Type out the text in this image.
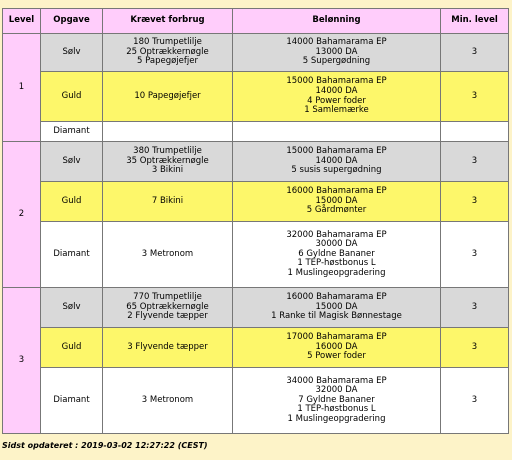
Level	Opgave	Krævet forbrug	Belønning	Min. level
1	Sølv	180 Trumpetlilje
25 Optrækkernøgle
5 Papegøjefjer	14000 Bahamarama EP
13000 DA
5 Supergødning	3
	Guld	10 Papegøjefjer	15000 Bahamarama EP
14000 DA
4 Power foder
1 Samlemærke	3
	Diamant			
2	Sølv	380 Trumpetlilje
35 Optrækkernøgle
3 Bikini	15000 Bahamarama EP
14000 DA
5 susis supergødning	3
	Guld	7 Bikini	16000 Bahamarama EP
15000 DA
5 Gårdmønter	3
	Diamant	3 Metronom	32000 Bahamarama EP
30000 DA
6 Gyldne Bananer
1 TEP-høstbonus L
1 Muslingeopgradering	3
3	Sølv	770 Trumpetlilje
65 Optrækkernøgle
2 Flyvende tæpper	16000 Bahamarama EP
15000 DA
1 Ranke til Magisk Bønnestage	3
	Guld	3 Flyvende tæpper	17000 Bahamarama EP
16000 DA
5 Power foder	3
	Diamant	3 Metronom	34000 Bahamarama EP
32000 DA
7 Gyldne Bananer
1 TEP-høstbonus L
1 Muslingeopgradering	3
Sidst opdateret : 2019-03-02 12:27:22 (CEST)
